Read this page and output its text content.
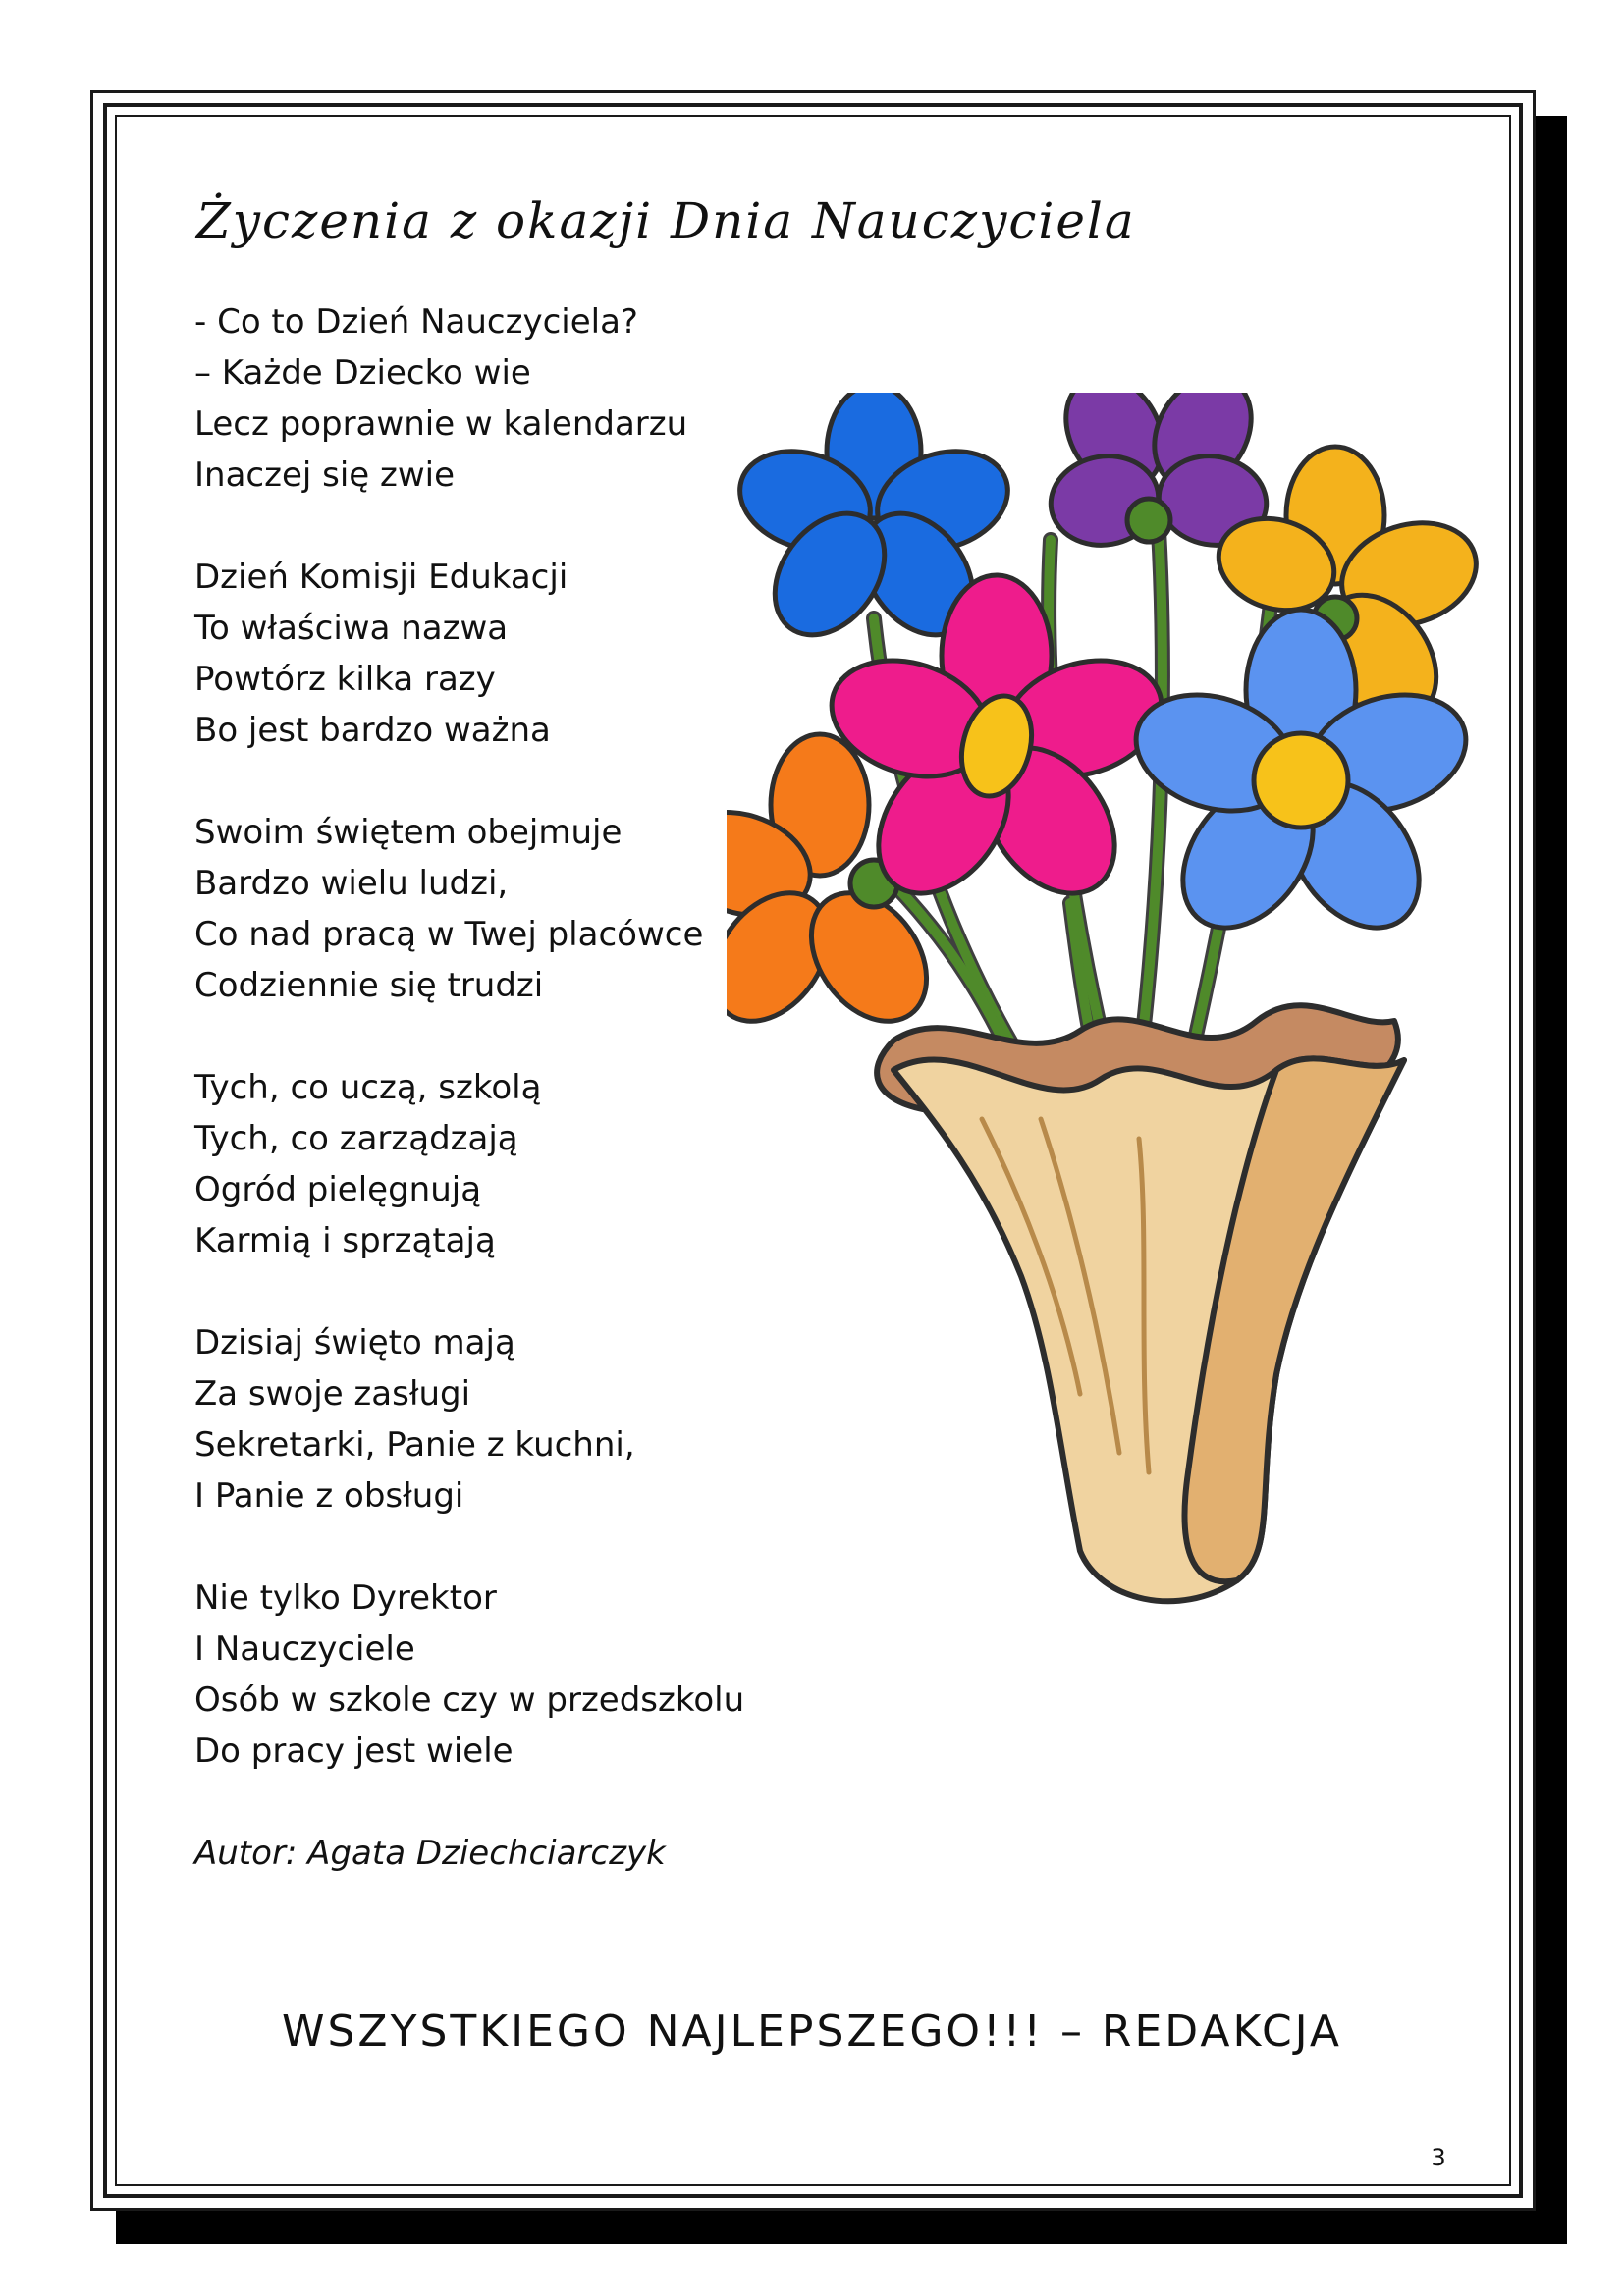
Życzenia z okazji Dnia Nauczyciela
- Co to Dzień Nauczyciela?
– Każde Dziecko wie
Lecz poprawnie w kalendarzu
Inaczej się zwie
Dzień Komisji Edukacji
To właściwa nazwa
Powtórz kilka razy
Bo jest bardzo ważna
Swoim świętem obejmuje
Bardzo wielu ludzi,
Co nad pracą w Twej placówce
Codziennie się trudzi
Tych, co uczą, szkolą
Tych, co zarządzają
Ogród pielęgnują
Karmią i sprzątają
Dzisiaj święto mają
Za swoje zasługi
Sekretarki, Panie z kuchni,
I Panie z obsługi
Nie tylko Dyrektor
I Nauczyciele
Osób w szkole czy w przedszkolu
Do pracy jest wiele
Autor: Agata Dziechciarczyk
WSZYSTKIEGO NAJLEPSZEGO!!! – REDAKCJA
3
